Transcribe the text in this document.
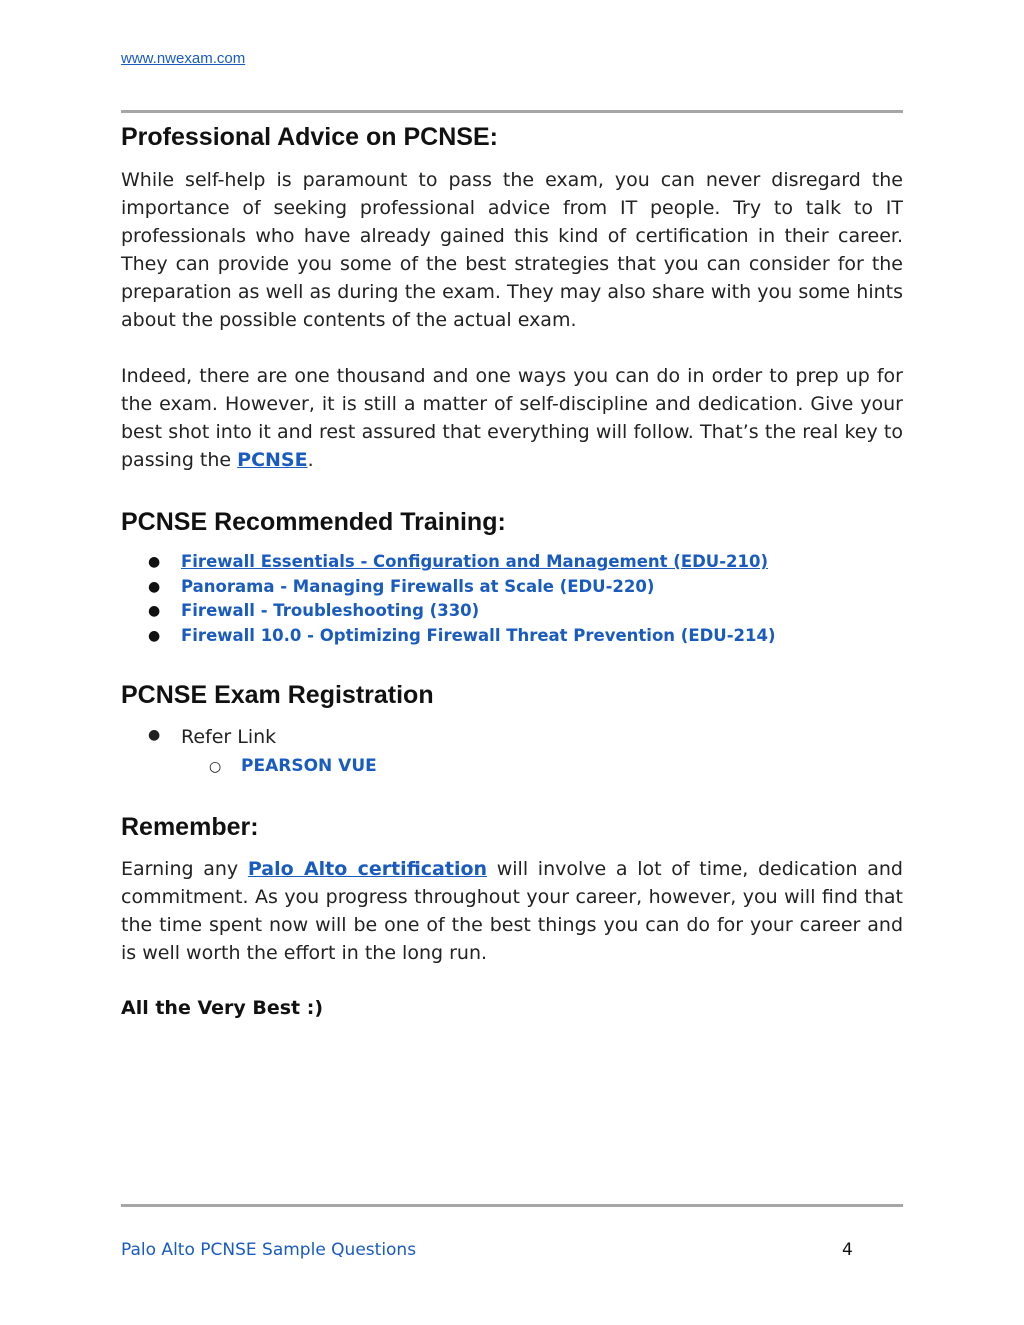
www.nwexam.com
Professional Advice on PCNSE:

While self-help is paramount to pass the exam, you can never disregard the importance of seeking professional advice from IT people. Try to talk to IT professionals who have already gained this kind of certification in their career. They can provide you some of the best strategies that you can consider for the preparation as well as during the exam. They may also share with you some hints about the possible contents of the actual exam.

Indeed, there are one thousand and one ways you can do in order to prep up for the exam. However, it is still a matter of self-discipline and dedication. Give your best shot into it and rest assured that everything will follow. That’s the real key to passing the PCNSE.

PCNSE Recommended Training:
● Firewall Essentials - Configuration and Management (EDU-210)
● Panorama - Managing Firewalls at Scale (EDU-220)
● Firewall - Troubleshooting (330)
● Firewall 10.0 - Optimizing Firewall Threat Prevention (EDU-214)
PCNSE Exam Registration
● Refer Link
○ PEARSON VUE
Remember:

Earning any Palo Alto certification will involve a lot of time, dedication and commitment. As you progress throughout your career, however, you will find that the time spent now will be one of the best things you can do for your career and is well worth the effort in the long run.

All the Very Best :)
Palo Alto PCNSE Sample Questions	4
